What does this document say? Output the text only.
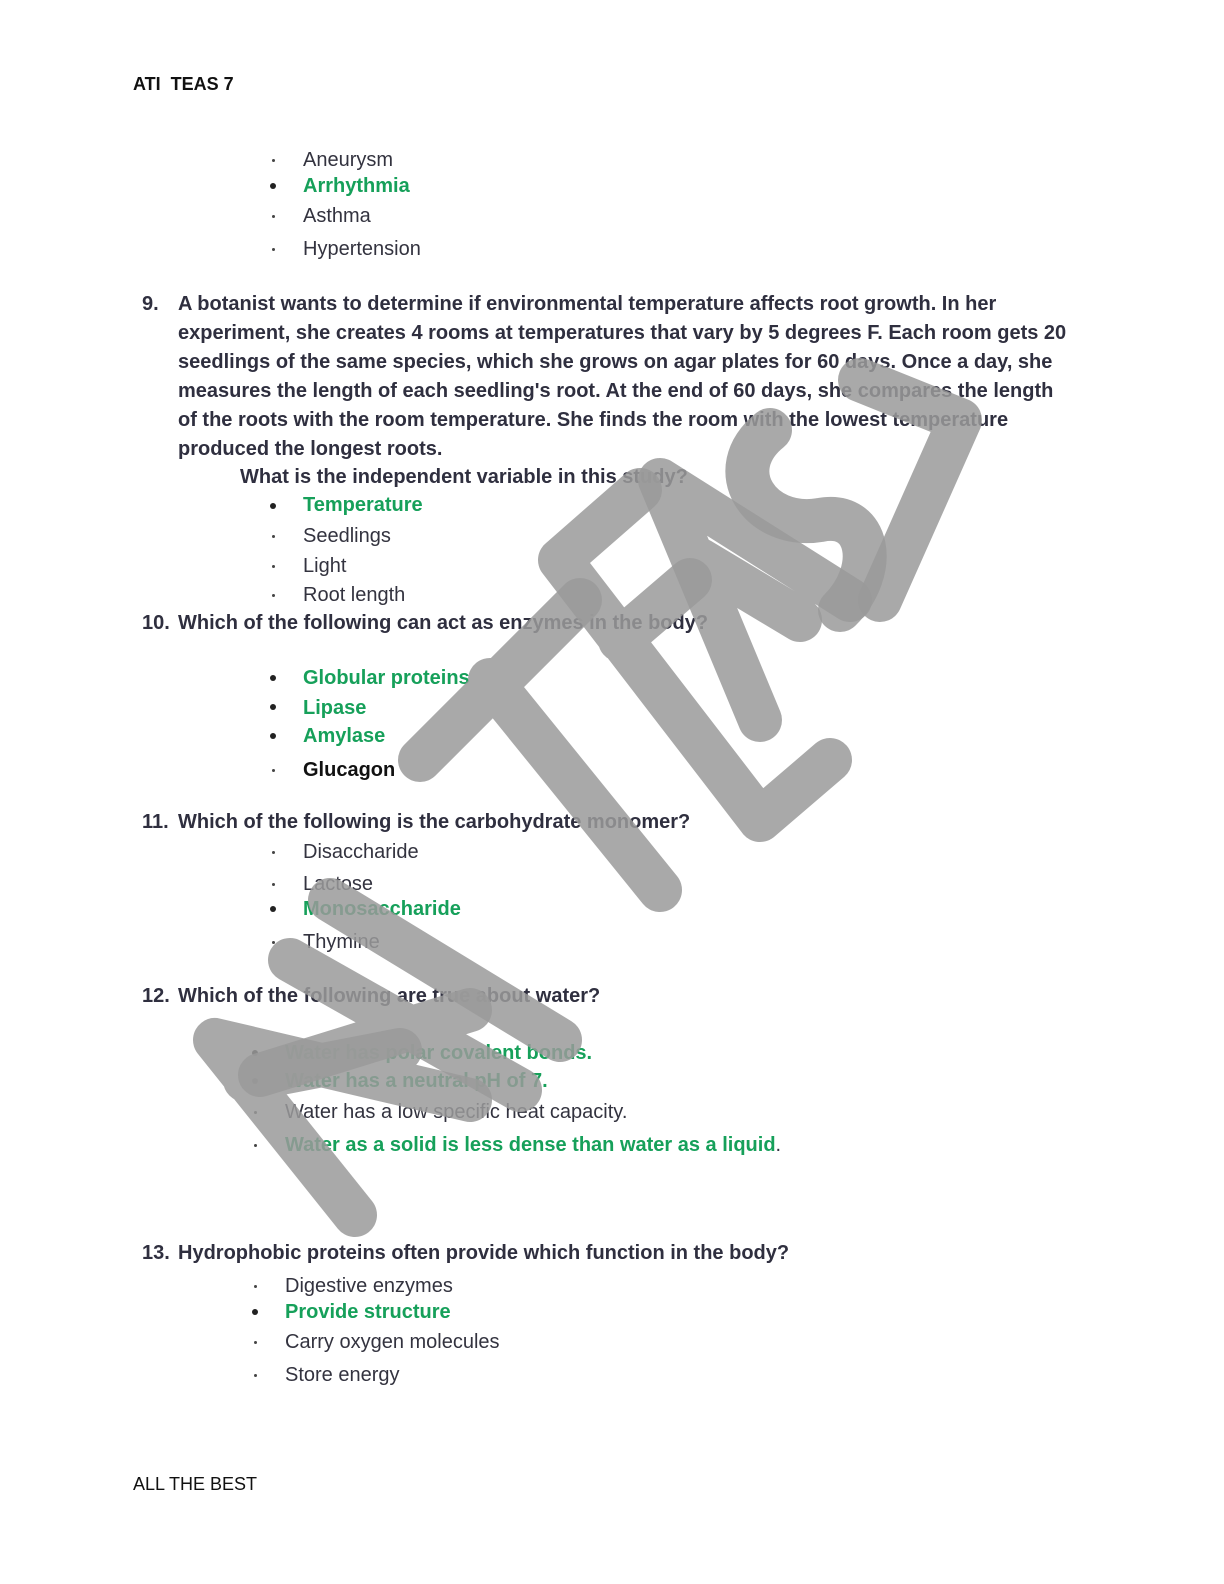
ATI  TEAS 7
Aneurysm
Arrhythmia
Asthma
Hypertension
9. A botanist wants to determine if environmental temperature affects root growth. In her experiment, she creates 4 rooms at temperatures that vary by 5 degrees F. Each room gets 20 seedlings of the same species, which she grows on agar plates for 60 days. Once a day, she measures the length of each seedling's root. At the end of 60 days, she compares the length of the roots with the room temperature. She finds the room with the lowest temperature produced the longest roots.
What is the independent variable in this study?
Temperature
Seedlings
Light
Root length
10. Which of the following can act as enzymes in the body?
Globular proteins
Lipase
Amylase
Glucagon
11. Which of the following is the carbohydrate monomer?
Disaccharide
Lactose
Monosaccharide
Thymine
12. Which of the following are true about water?
Water has polar covalent bonds.
Water has a neutral pH of 7.
Water has a low specific heat capacity.
Water as a solid is less dense than water as a liquid.
13. Hydrophobic proteins often provide which function in the body?
Digestive enzymes
Provide structure
Carry oxygen molecules
Store energy
ALL THE BEST
